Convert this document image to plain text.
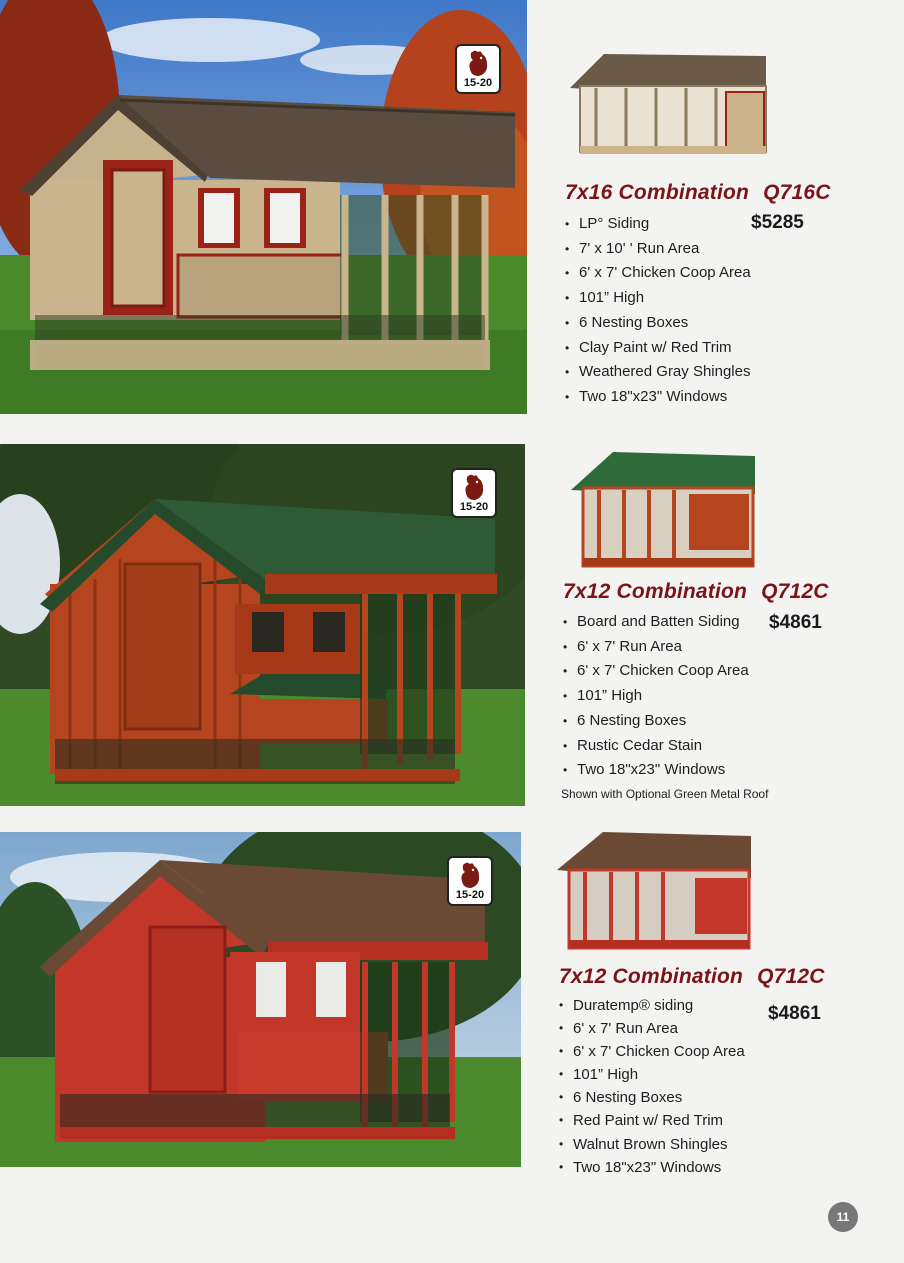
15-20
7x16 Combination Q716C
$5285
• LP° Siding
• 7' x 10' ' Run Area
• 6' x 7' Chicken Coop Area
• 101” High
• 6 Nesting Boxes
• Clay Paint w/ Red Trim
• Weathered Gray Shingles
• Two 18"x23" Windows
15-20
7x12 Combination Q712C
$4861
• Board and Batten Siding
• 6' x 7' Run Area
• 6' x 7' Chicken Coop Area
• 101” High
• 6 Nesting Boxes
• Rustic Cedar Stain
• Two 18"x23" Windows
Shown with Optional Green Metal Roof
15-20
7x12 Combination Q712C
$4861
• Duratemp® siding
• 6' x 7' Run Area
• 6' x 7' Chicken Coop Area
• 101” High
• 6 Nesting Boxes
• Red Paint w/ Red Trim
• Walnut Brown Shingles
• Two 18"x23" Windows
11
